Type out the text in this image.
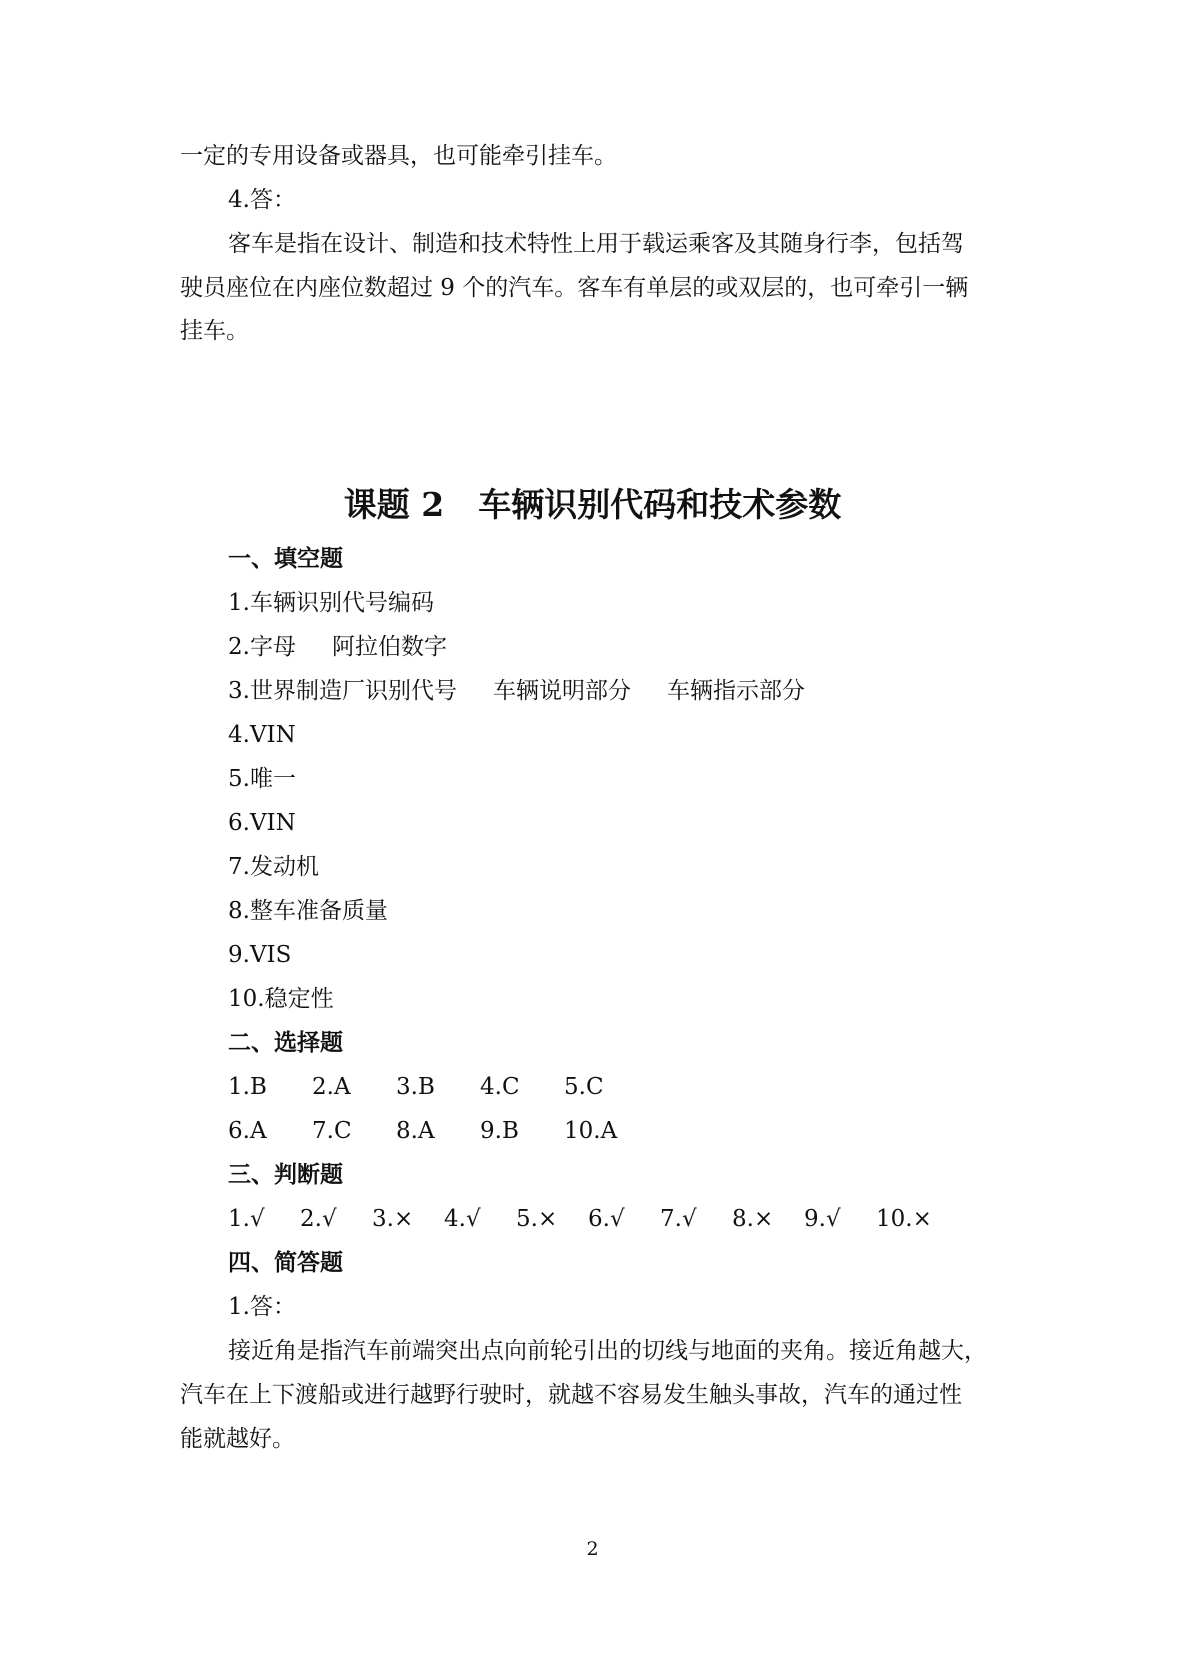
一定的专用设备或器具，也可能牵引挂车。
4.答：
客车是指在设计、制造和技术特性上用于载运乘客及其随身行李，包括驾
驶员座位在内座位数超过 9 个的汽车。客车有单层的或双层的，也可牵引一辆
挂车。
课题 2 车辆识别代码和技术参数
一、填空题
1.车辆识别代号编码
2.字母 阿拉伯数字
3.世界制造厂识别代号 车辆说明部分 车辆指示部分
4.VIN
5.唯一
6.VIN
7.发动机
8.整车准备质量
9.VIS
10.稳定性
二、选择题
1.B	2.A	3.B	4.C	5.C
6.A	7.C	8.A	9.B	10.A
三、判断题
1.√	2.√	3.×	4.√	5.×	6.√	7.√	8.×	9.√	10.×
四、简答题
1.答：
接近角是指汽车前端突出点向前轮引出的切线与地面的夹角。接近角越大，
汽车在上下渡船或进行越野行驶时，就越不容易发生触头事故，汽车的通过性
能就越好。
2
